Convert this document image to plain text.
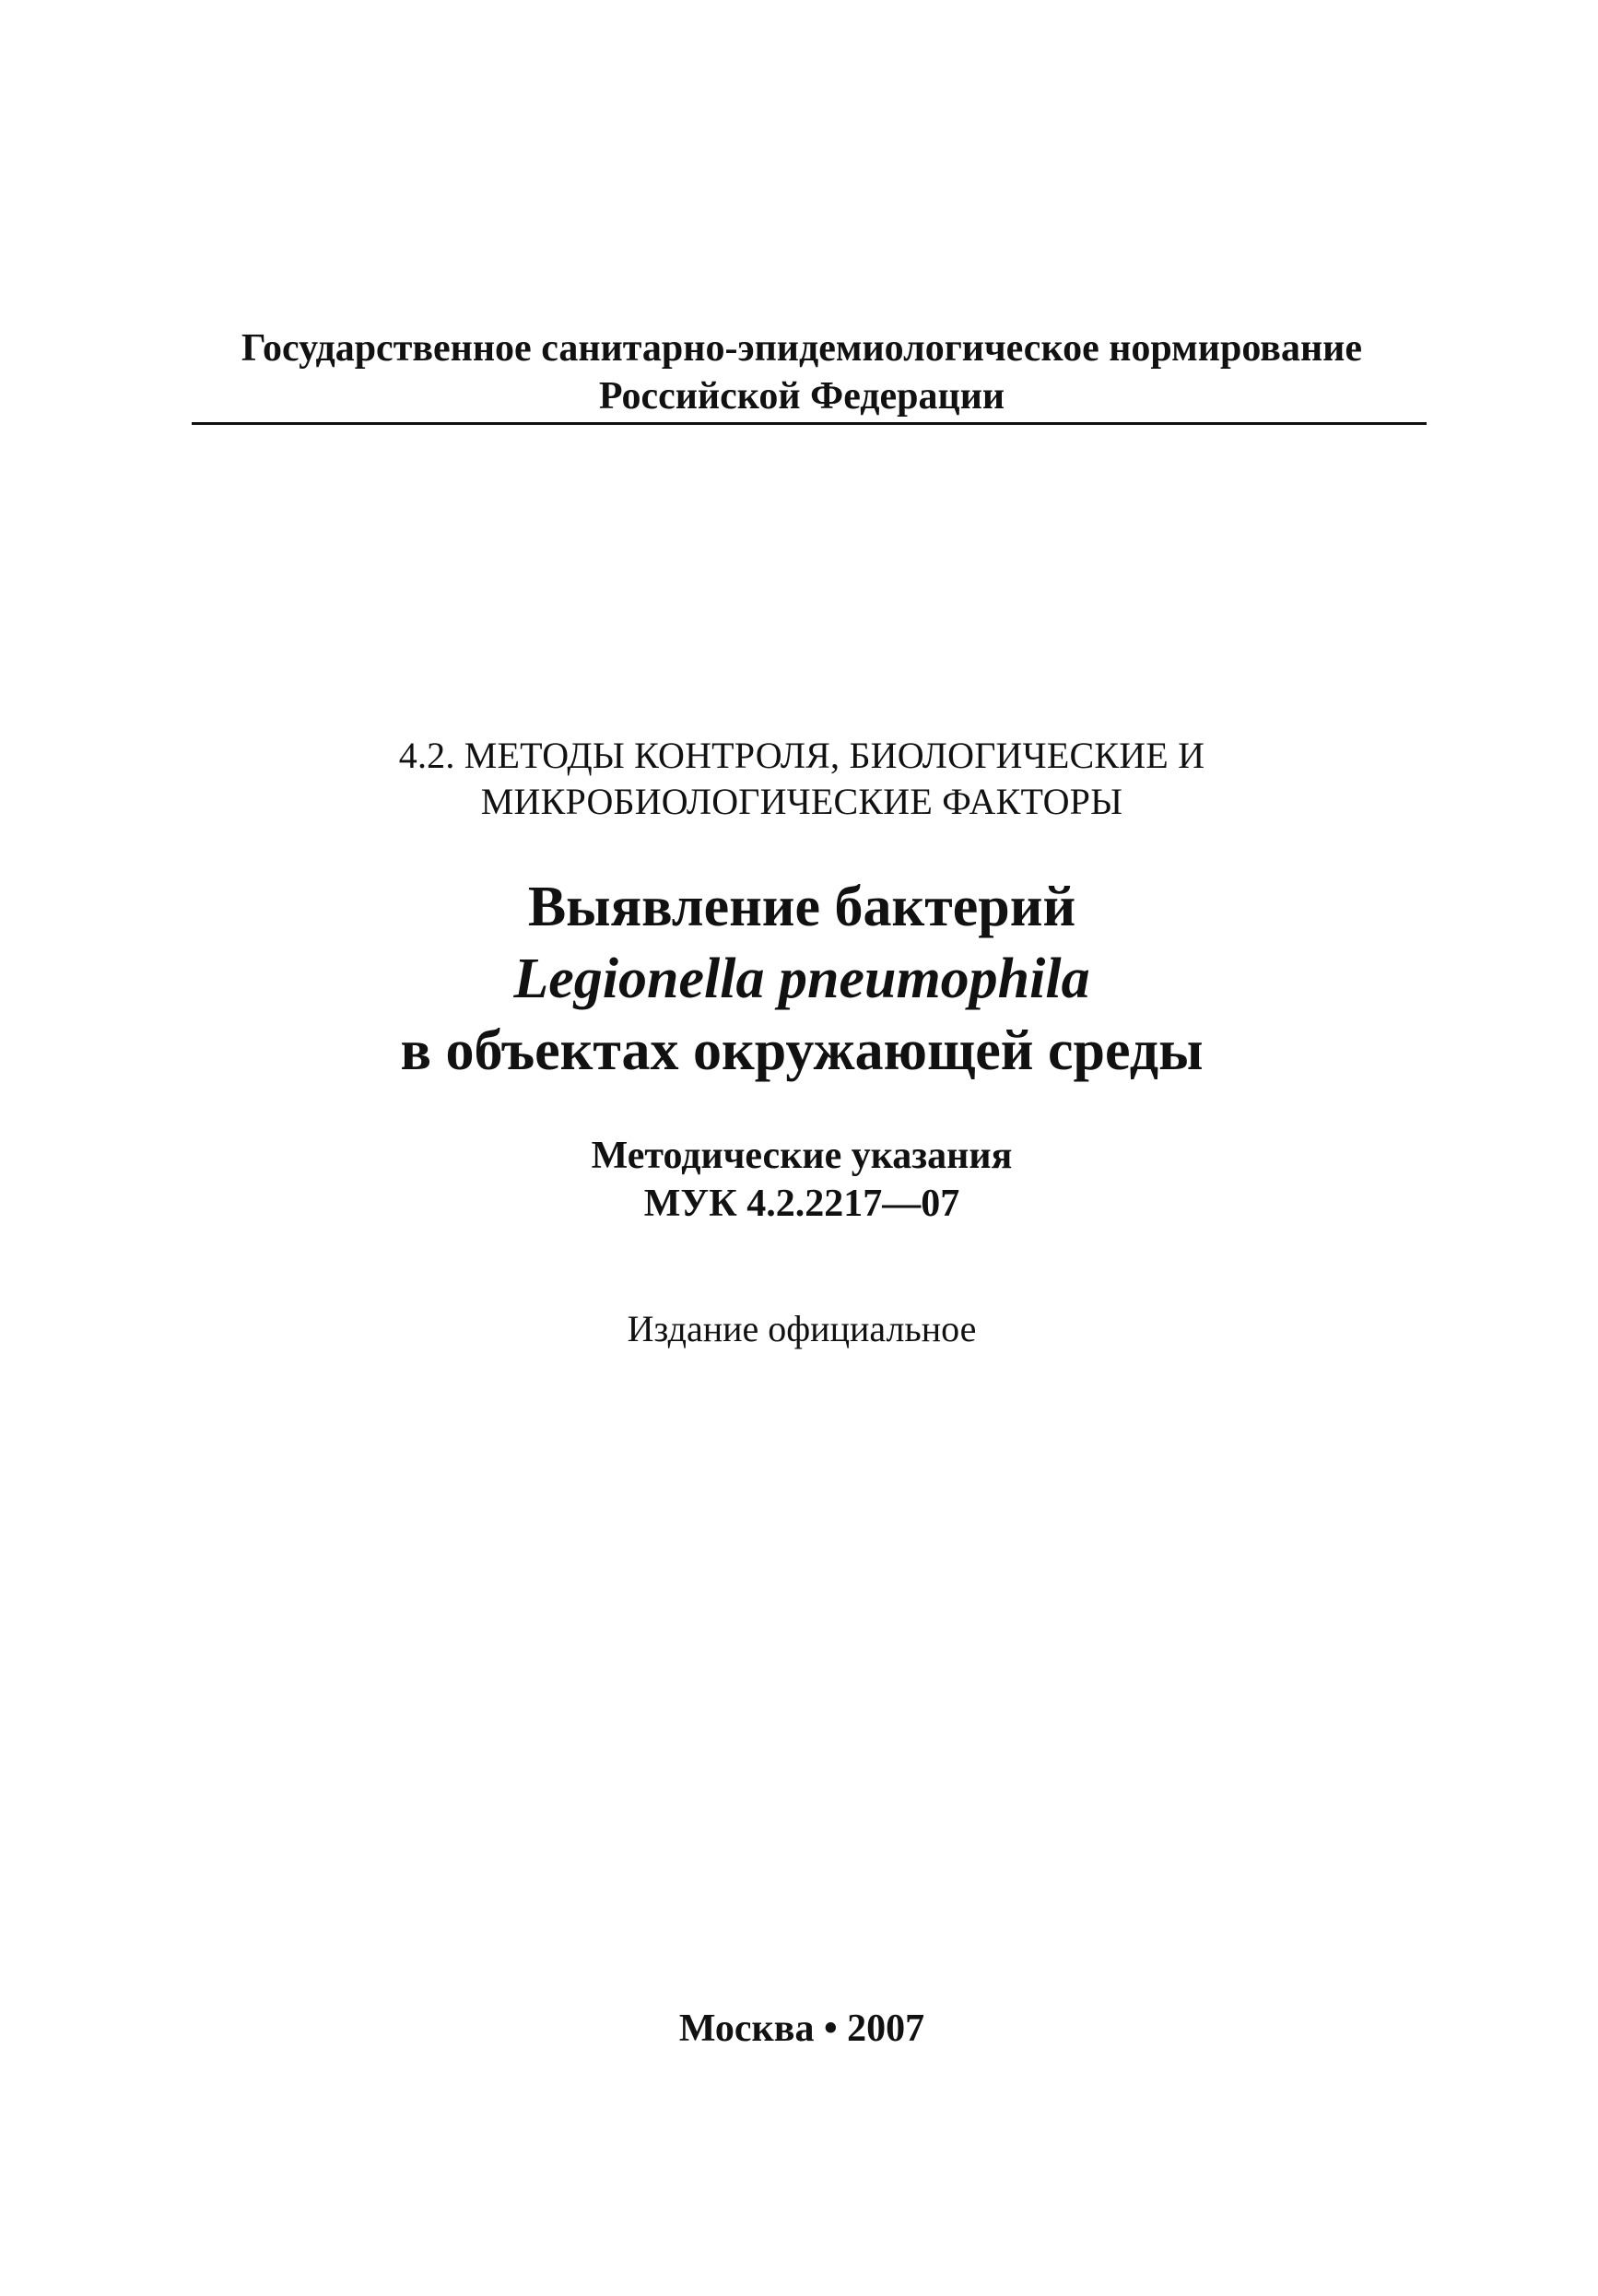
Государственное санитарно-эпидемиологическое нормирование
Российской Федерации
4.2. МЕТОДЫ КОНТРОЛЯ, БИОЛОГИЧЕСКИЕ И
МИКРОБИОЛОГИЧЕСКИЕ ФАКТОРЫ
Выявление бактерий
Legionella pneumophila
в объектах окружающей среды
Методические указания
МУК 4.2.2217—07
Издание официальное
Москва • 2007
